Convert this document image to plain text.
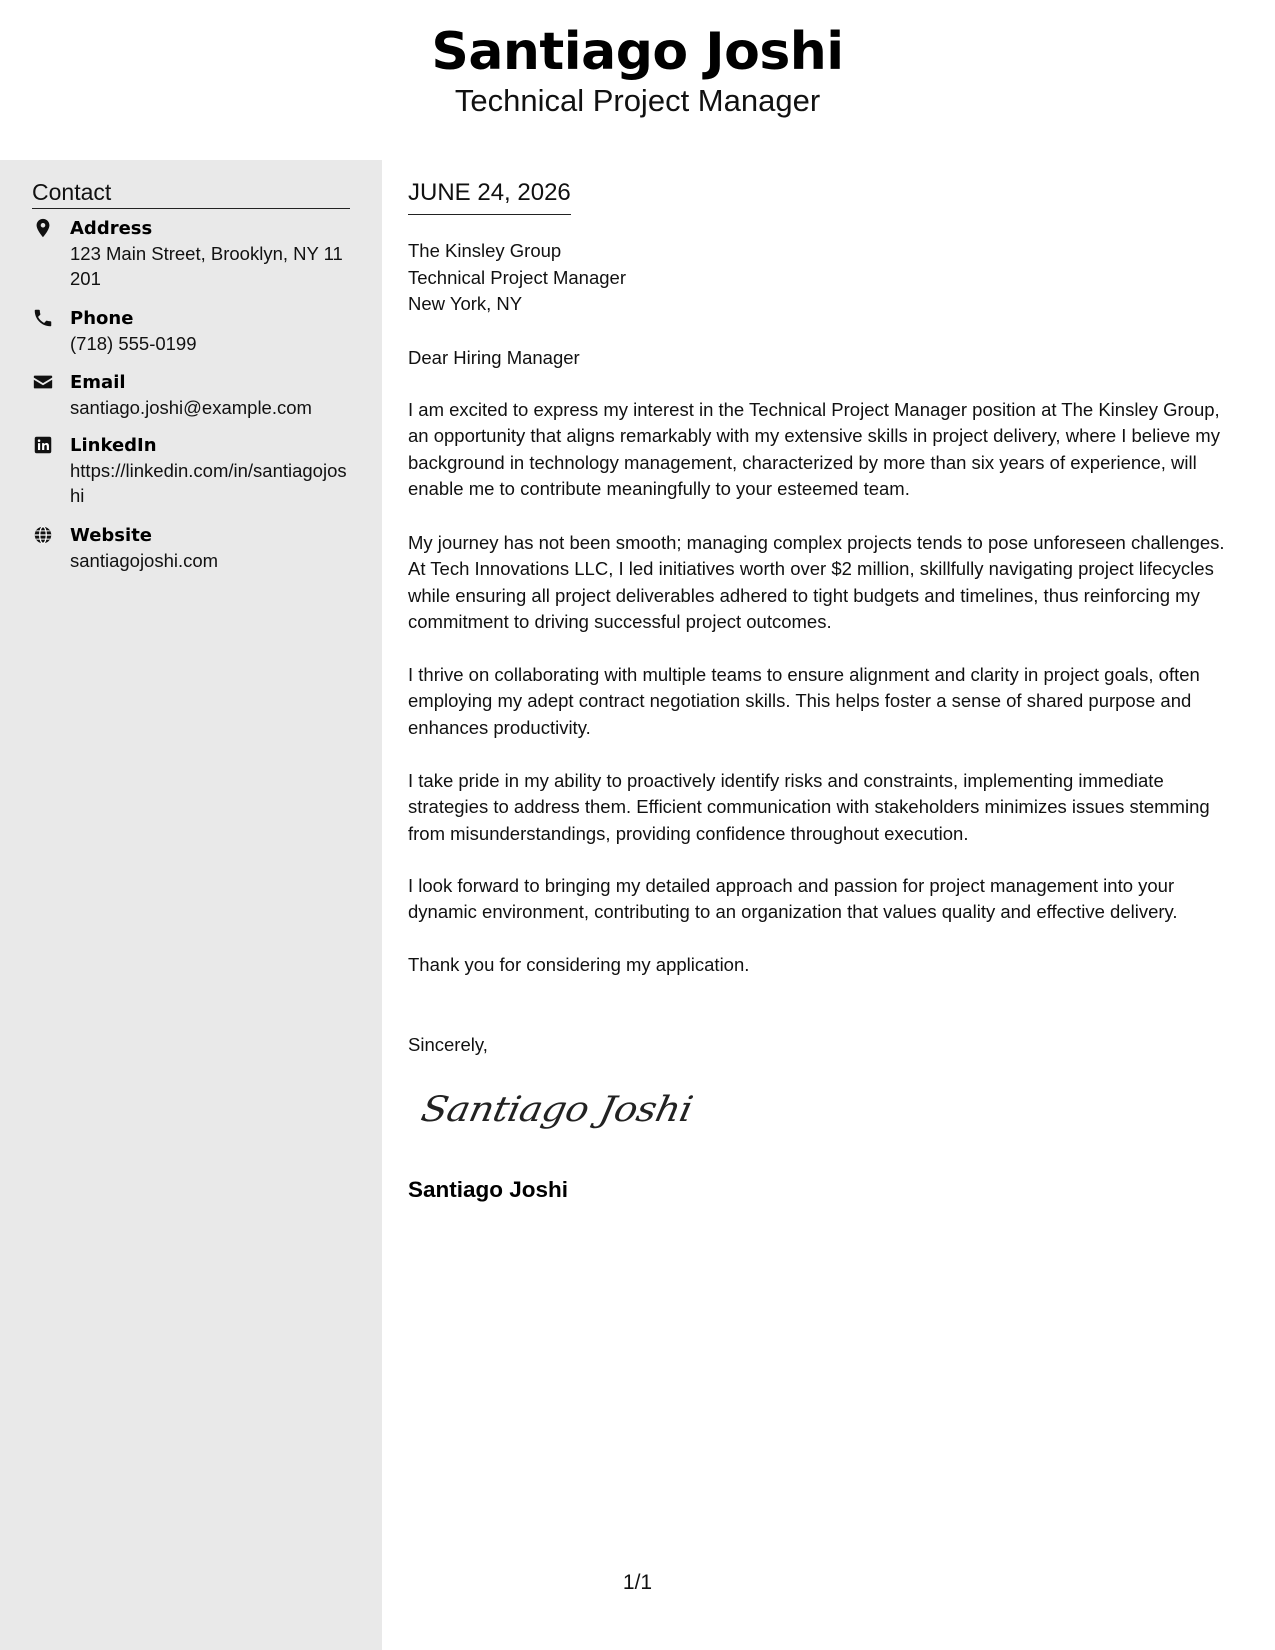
Santiago Joshi
Technical Project Manager
Contact
Address
123 Main Street, Brooklyn, NY 11201
Phone
(718) 555-0199
Email
santiago.joshi@example.com
LinkedIn
https://linkedin.com/in/santiagojoshi
Website
santiagojoshi.com
JUNE 24, 2026
The Kinsley Group
Technical Project Manager
New York, NY
Dear Hiring Manager
I am excited to express my interest in the Technical Project Manager position at The Kinsley Group, an opportunity that aligns remarkably with my extensive skills in project delivery, where I believe my background in technology management, characterized by more than six years of experience, will enable me to contribute meaningfully to your esteemed team.
My journey has not been smooth; managing complex projects tends to pose unforeseen challenges. At Tech Innovations LLC, I led initiatives worth over $2 million, skillfully navigating project lifecycles while ensuring all project deliverables adhered to tight budgets and timelines, thus reinforcing my commitment to driving successful project outcomes.
I thrive on collaborating with multiple teams to ensure alignment and clarity in project goals, often employing my adept contract negotiation skills. This helps foster a sense of shared purpose and enhances productivity.
I take pride in my ability to proactively identify risks and constraints, implementing immediate strategies to address them. Efficient communication with stakeholders minimizes issues stemming from misunderstandings, providing confidence throughout execution.
I look forward to bringing my detailed approach and passion for project management into your dynamic environment, contributing to an organization that values quality and effective delivery.
Thank you for considering my application.
Sincerely,
Santiago Joshi
Santiago Joshi
1/1
